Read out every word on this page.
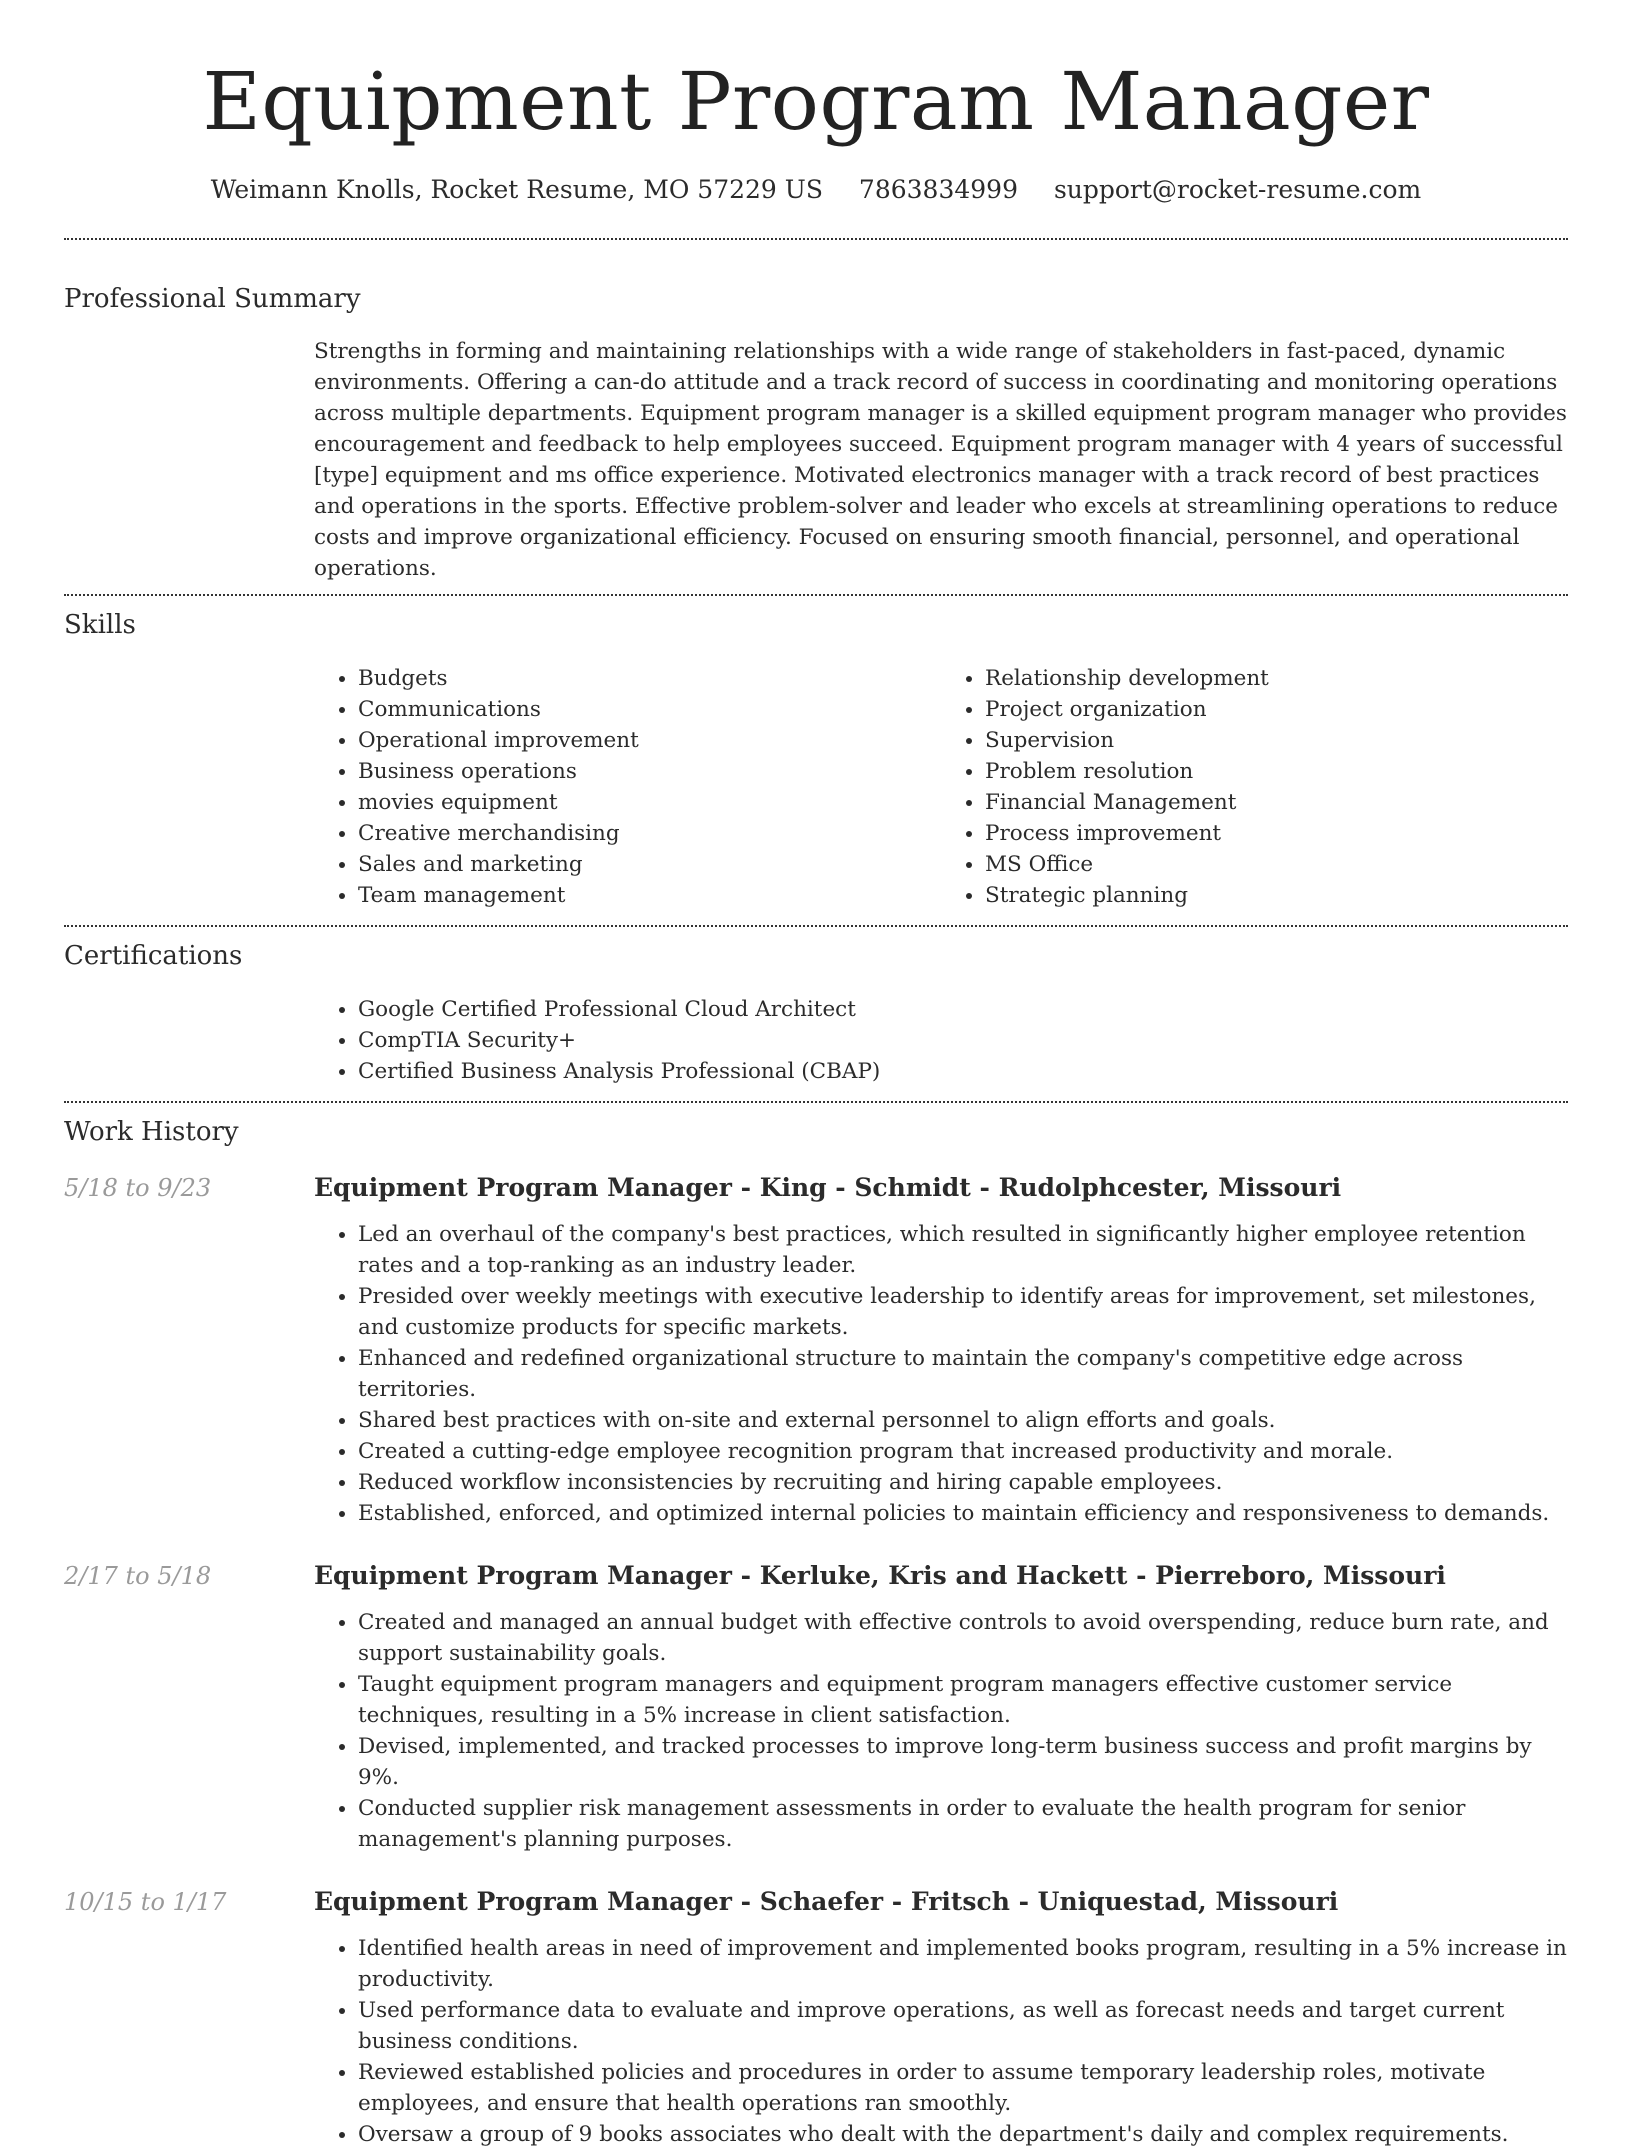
Equipment Program Manager
Weimann Knolls, Rocket Resume, MO 57229 US 7863834999 support@rocket-resume.com
Professional Summary

Strengths in forming and maintaining relationships with a wide range of stakeholders in fast-paced, dynamic environments. Offering a can-do attitude and a track record of success in coordinating and monitoring operations across multiple departments. Equipment program manager is a skilled equipment program manager who provides encouragement and feedback to help employees succeed. Equipment program manager with 4 years of successful [type] equipment and ms office experience. Motivated electronics manager with a track record of best practices and operations in the sports. Effective problem-solver and leader who excels at streamlining operations to reduce costs and improve organizational efficiency. Focused on ensuring smooth financial, personnel, and operational operations.

Skills
• Budgets
• Communications
• Operational improvement
• Business operations
• movies equipment
• Creative merchandising
• Sales and marketing
• Team management
• Relationship development
• Project organization
• Supervision
• Problem resolution
• Financial Management
• Process improvement
• MS Office
• Strategic planning
Certifications
• Google Certified Professional Cloud Architect
• CompTIA Security+
• Certified Business Analysis Professional (CBAP)
Work History
5/18 to 9/23	Equipment Program Manager - King - Schmidt - Rudolphcester, Missouri
• Led an overhaul of the company's best practices, which resulted in significantly higher employee retention rates and a top-ranking as an industry leader.
• Presided over weekly meetings with executive leadership to identify areas for improvement, set milestones, and customize products for specific markets.
• Enhanced and redefined organizational structure to maintain the company's competitive edge across territories.
• Shared best practices with on-site and external personnel to align efforts and goals.
• Created a cutting-edge employee recognition program that increased productivity and morale.
• Reduced workflow inconsistencies by recruiting and hiring capable employees.
• Established, enforced, and optimized internal policies to maintain efficiency and responsiveness to demands.
2/17 to 5/18	Equipment Program Manager - Kerluke, Kris and Hackett - Pierreboro, Missouri
• Created and managed an annual budget with effective controls to avoid overspending, reduce burn rate, and support sustainability goals.
• Taught equipment program managers and equipment program managers effective customer service techniques, resulting in a 5% increase in client satisfaction.
• Devised, implemented, and tracked processes to improve long-term business success and profit margins by 9%.
• Conducted supplier risk management assessments in order to evaluate the health program for senior management's planning purposes.
10/15 to 1/17	Equipment Program Manager - Schaefer - Fritsch - Uniquestad, Missouri
• Identified health areas in need of improvement and implemented books program, resulting in a 5% increase in productivity.
• Used performance data to evaluate and improve operations, as well as forecast needs and target current business conditions.
• Reviewed established policies and procedures in order to assume temporary leadership roles, motivate employees, and ensure that health operations ran smoothly.
• Oversaw a group of 9 books associates who dealt with the department's daily and complex requirements.
